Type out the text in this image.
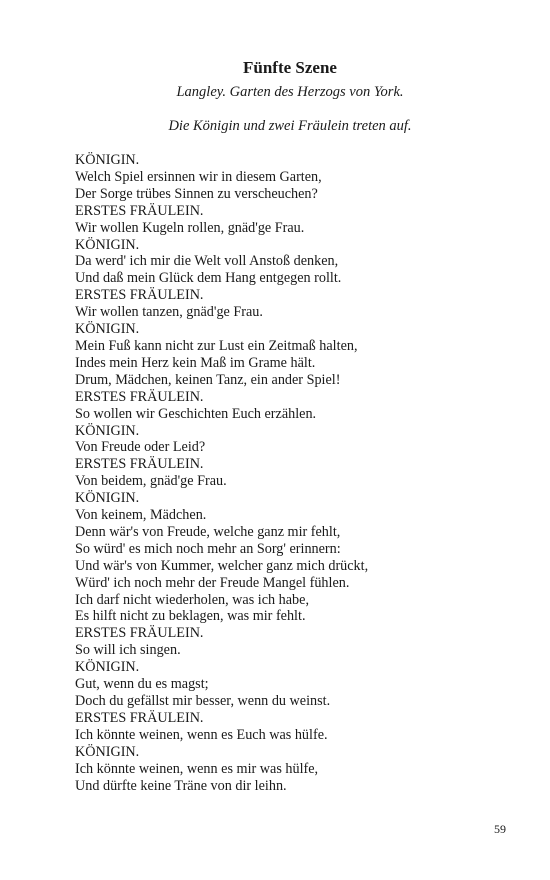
Fünfte Szene

Langley. Garten des Herzogs von York.

Die Königin und zwei Fräulein treten auf.

KÖNIGIN.
Welch Spiel ersinnen wir in diesem Garten,
Der Sorge trübes Sinnen zu verscheuchen?
ERSTES FRÄULEIN.
Wir wollen Kugeln rollen, gnäd'ge Frau.
KÖNIGIN.
Da werd' ich mir die Welt voll Anstoß denken,
Und daß mein Glück dem Hang entgegen rollt.
ERSTES FRÄULEIN.
Wir wollen tanzen, gnäd'ge Frau.
KÖNIGIN.
Mein Fuß kann nicht zur Lust ein Zeitmaß halten,
Indes mein Herz kein Maß im Grame hält.
Drum, Mädchen, keinen Tanz, ein ander Spiel!
ERSTES FRÄULEIN.
So wollen wir Geschichten Euch erzählen.
KÖNIGIN.
Von Freude oder Leid?
ERSTES FRÄULEIN.
Von beidem, gnäd'ge Frau.
KÖNIGIN.
Von keinem, Mädchen.
Denn wär's von Freude, welche ganz mir fehlt,
So würd' es mich noch mehr an Sorg' erinnern:
Und wär's von Kummer, welcher ganz mich drückt,
Würd' ich noch mehr der Freude Mangel fühlen.
Ich darf nicht wiederholen, was ich habe,
Es hilft nicht zu beklagen, was mir fehlt.
ERSTES FRÄULEIN.
So will ich singen.
KÖNIGIN.
Gut, wenn du es magst;
Doch du gefällst mir besser, wenn du weinst.
ERSTES FRÄULEIN.
Ich könnte weinen, wenn es Euch was hülfe.
KÖNIGIN.
Ich könnte weinen, wenn es mir was hülfe,
Und dürfte keine Träne von dir leihn.
59
